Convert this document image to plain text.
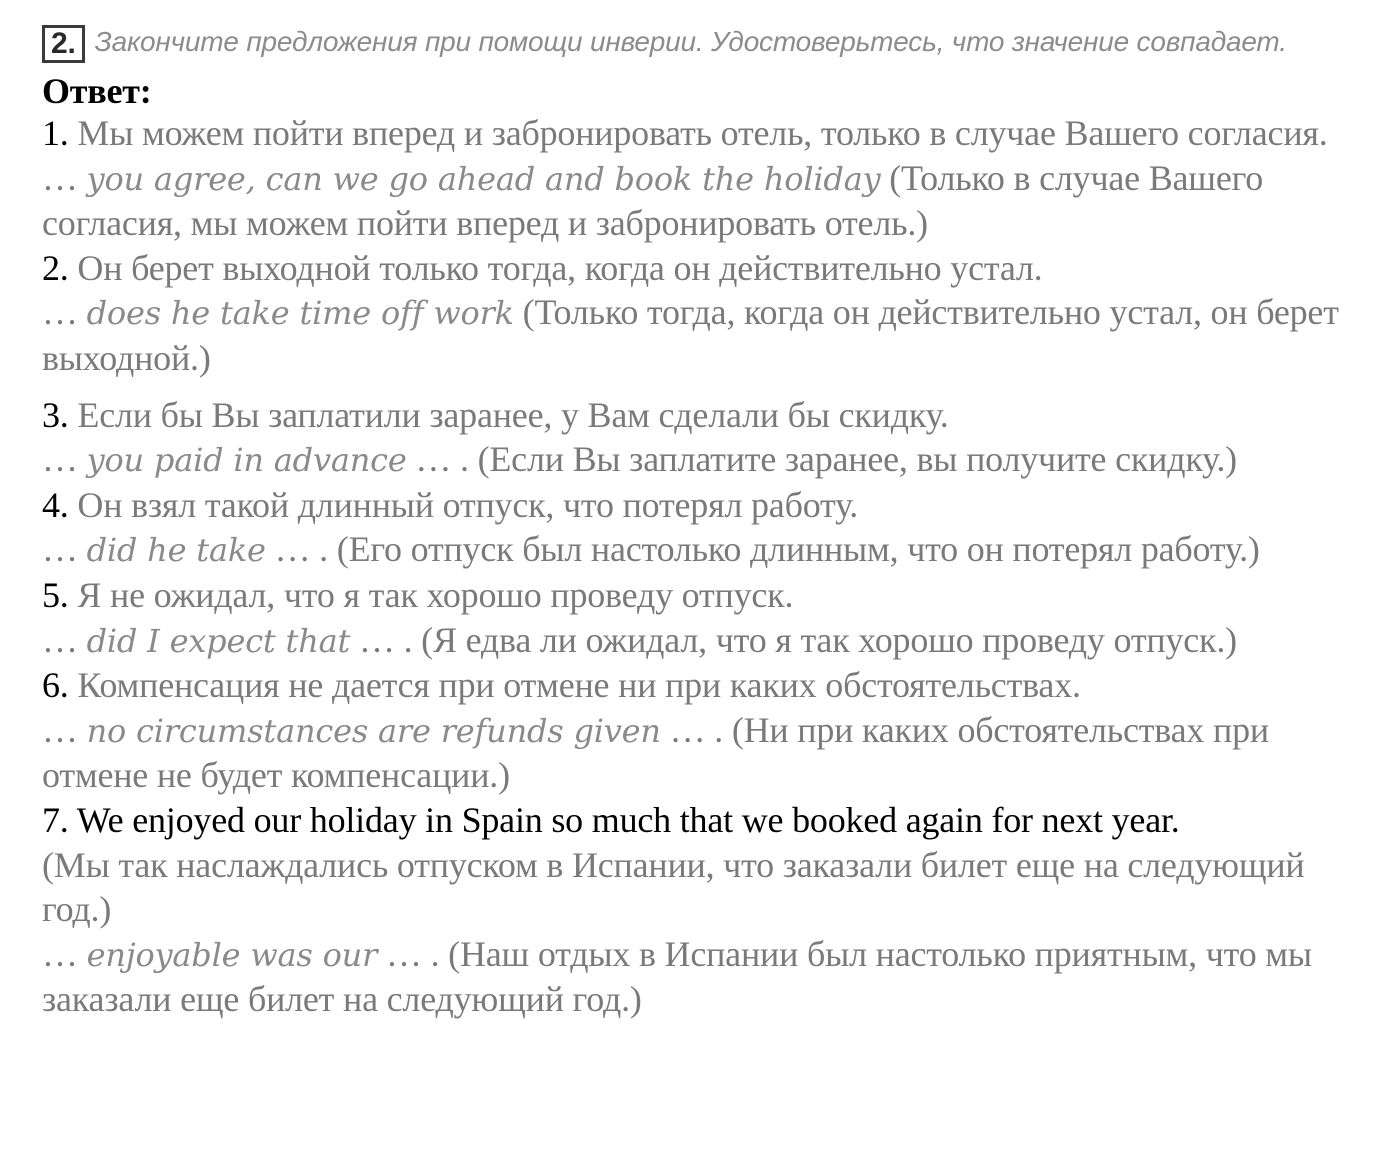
2. Закончите предложения при помощи инверии. Удостоверьтесь, что значение совпадает.
Ответ:
1. Мы можем пойти вперед и забронировать отель, только в случае Вашего согласия.
… you agree, can we go ahead and book the holiday (Только в случае Вашего согласия, мы можем пойти вперед и забронировать отель.)
2. Он берет выходной только тогда, когда он действительно устал.
… does he take time off work (Только тогда, когда он действительно устал, он берет выходной.)
3. Если бы Вы заплатили заранее, у Вам сделали бы скидку.
… you paid in advance … . (Если Вы заплатите заранее, вы получите скидку.)
4. Он взял такой длинный отпуск, что потерял работу.
… did he take … . (Его отпуск был настолько длинным, что он потерял работу.)
5. Я не ожидал, что я так хорошо проведу отпуск.
… did I expect that … . (Я едва ли ожидал, что я так хорошо проведу отпуск.)
6. Компенсация не дается при отмене ни при каких обстоятельствах.
… no circumstances are refunds given … . (Ни при каких обстоятельствах при отмене не будет компенсации.)
7. We enjoyed our holiday in Spain so much that we booked again for next year.
(Мы так наслаждались отпуском в Испании, что заказали билет еще на следующий год.)
… enjoyable was our … . (Наш отдых в Испании был настолько приятным, что мы заказали еще билет на следующий год.)
